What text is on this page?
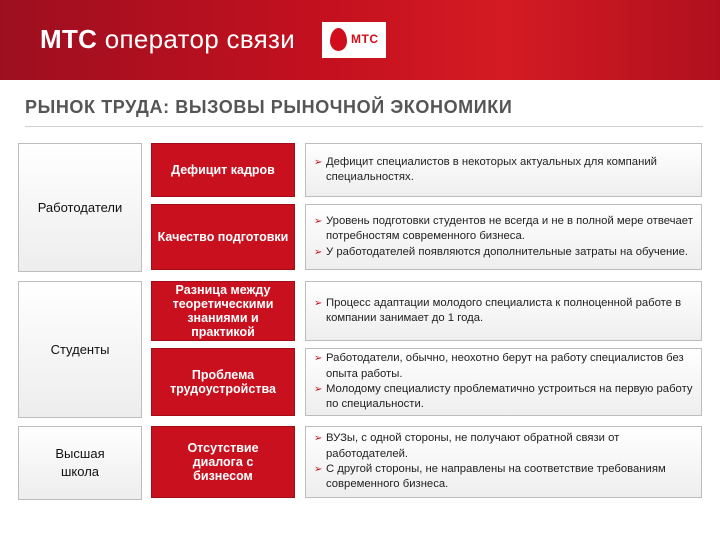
МТС оператор связи	МТС
РЫНОК ТРУДА: ВЫЗОВЫ РЫНОЧНОЙ ЭКОНОМИКИ
Работодатели
Студенты
Высшая школа
Дефицит кадров
Качество подготовки
Разница между теоретическими знаниями и практикой
Проблема трудоустройства
Отсутствие диалога с бизнесом
➢ Дефицит специалистов в некоторых актуальных для компаний специальностях.
➢ Уровень подготовки студентов не всегда и не в полной мере отвечает потребностям современного бизнеса.
➢ У работодателей появляются дополнительные затраты на обучение.
➢ Процесс адаптации молодого специалиста к полноценной работе в компании занимает до 1 года.
➢ Работодатели, обычно, неохотно берут на работу специалистов без опыта работы.
➢ Молодому специалисту проблематично устроиться на первую работу по специальности.
➢ ВУЗы, с одной стороны, не получают обратной связи от работодателей.
➢ С другой стороны, не направлены на соответствие требованиям современного бизнеса.
